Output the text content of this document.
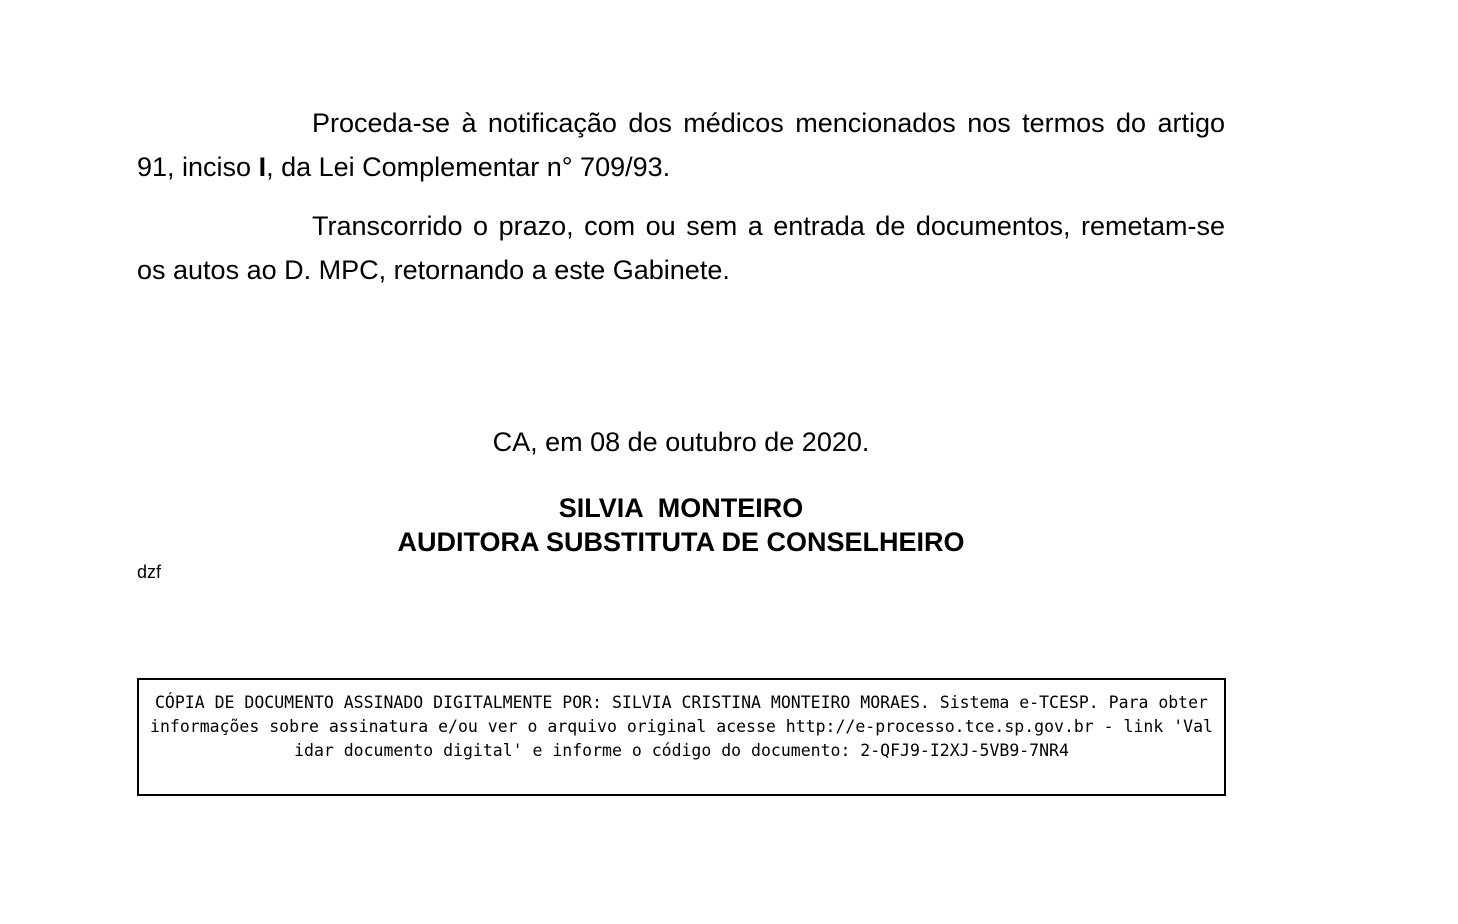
Proceda-se à notificação dos médicos mencionados nos termos do artigo 91, inciso I, da Lei Complementar n° 709/93.

Transcorrido o prazo, com ou sem a entrada de documentos, remetam-se os autos ao D. MPC, retornando a este Gabinete.

CA, em 08 de outubro de 2020.

SILVIA  MONTEIRO

AUDITORA SUBSTITUTA DE CONSELHEIRO

dzf

CÓPIA DE DOCUMENTO ASSINADO DIGITALMENTE POR: SILVIA CRISTINA MONTEIRO MORAES. Sistema e-TCESP. Para obter informações sobre assinatura e/ou ver o arquivo original acesse http://e-processo.tce.sp.gov.br - link 'Validar documento digital' e informe o código do documento: 2-QFJ9-I2XJ-5VB9-7NR4
